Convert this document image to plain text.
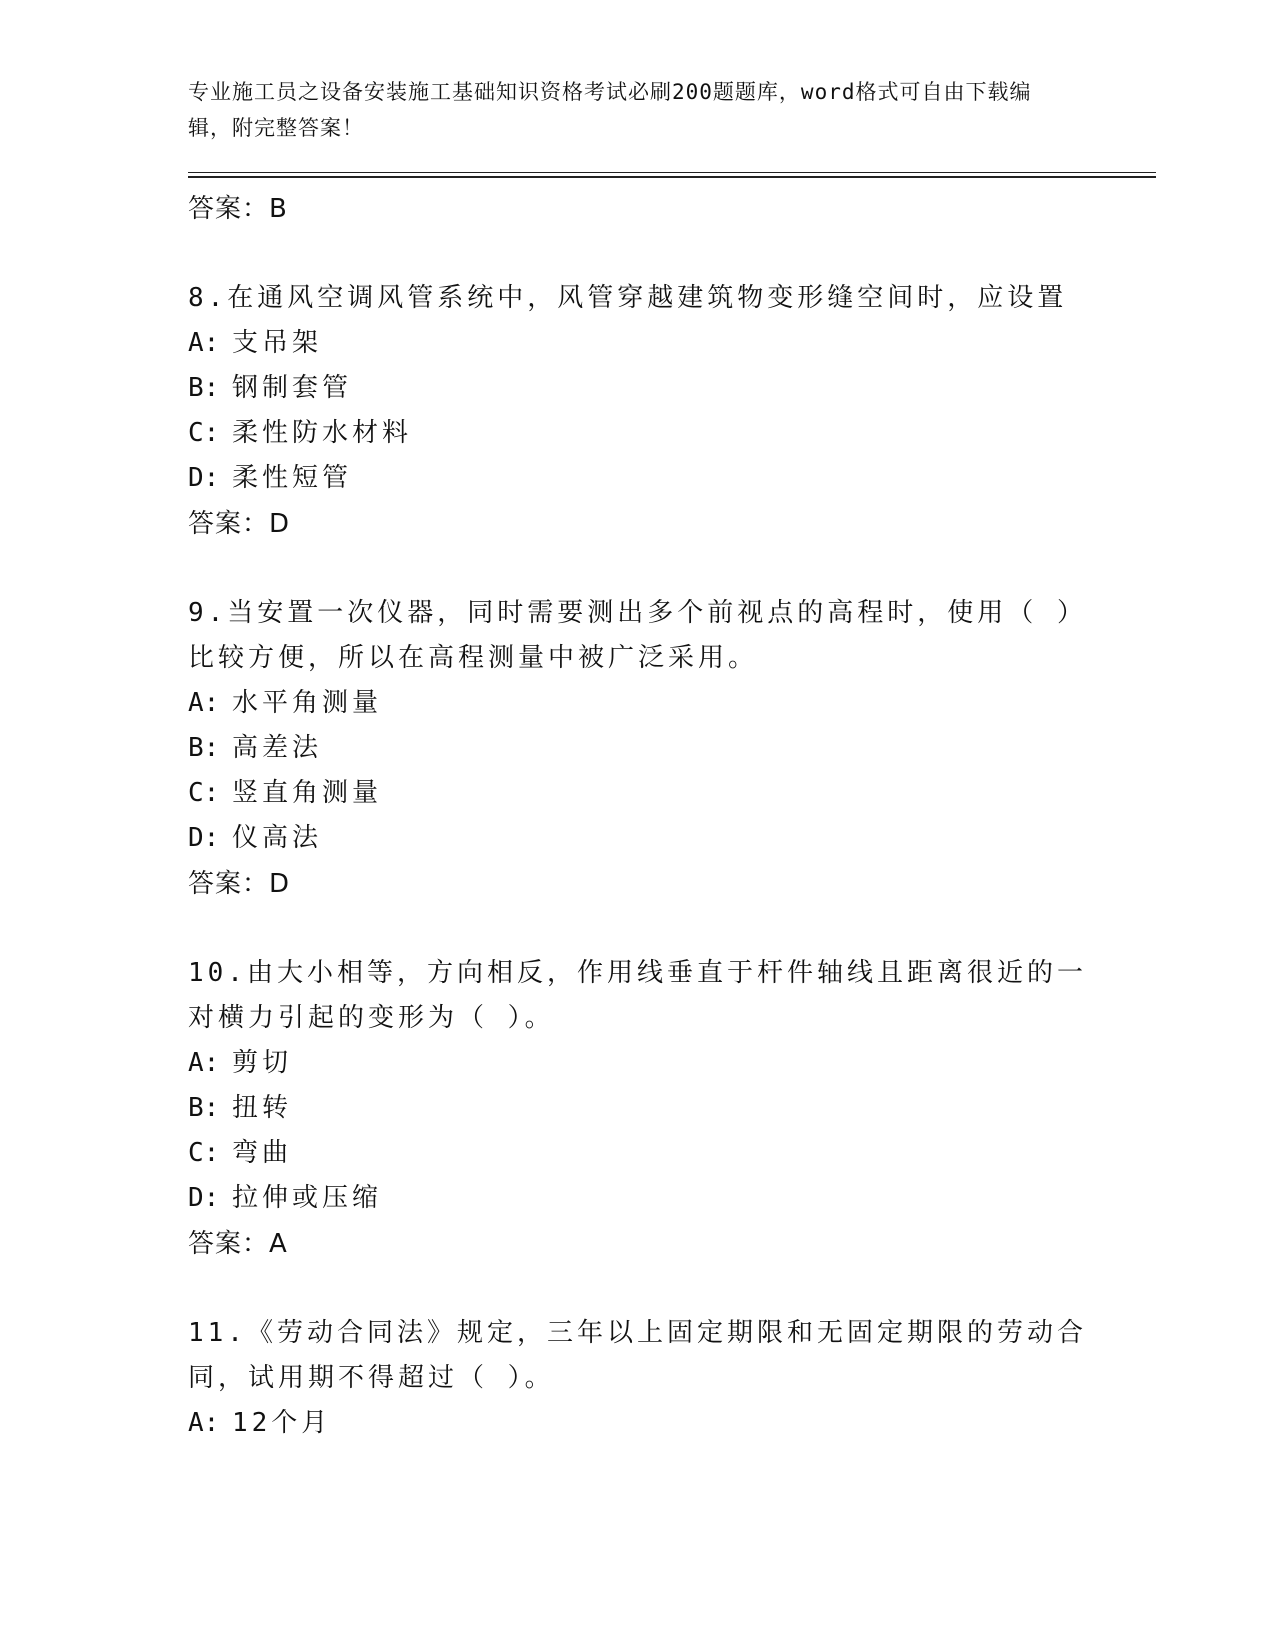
专业施工员之设备安装施工基础知识资格考试必刷200题题库，word格式可自由下载编辑，附完整答案！
答案：B
8.在通风空调风管系统中，风管穿越建筑物变形缝空间时，应设置
A: 支吊架
B: 钢制套管
C: 柔性防水材料
D: 柔性短管
答案：D
9.当安置一次仪器，同时需要测出多个前视点的高程时，使用（ ）比较方便，所以在高程测量中被广泛采用。
A: 水平角测量
B: 高差法
C: 竖直角测量
D: 仪高法
答案：D
10.由大小相等，方向相反，作用线垂直于杆件轴线且距离很近的一对横力引起的变形为（ ）。
A: 剪切
B: 扭转
C: 弯曲
D: 拉伸或压缩
答案：A
11.《劳动合同法》规定，三年以上固定期限和无固定期限的劳动合同，试用期不得超过（ ）。
A: 12个月
